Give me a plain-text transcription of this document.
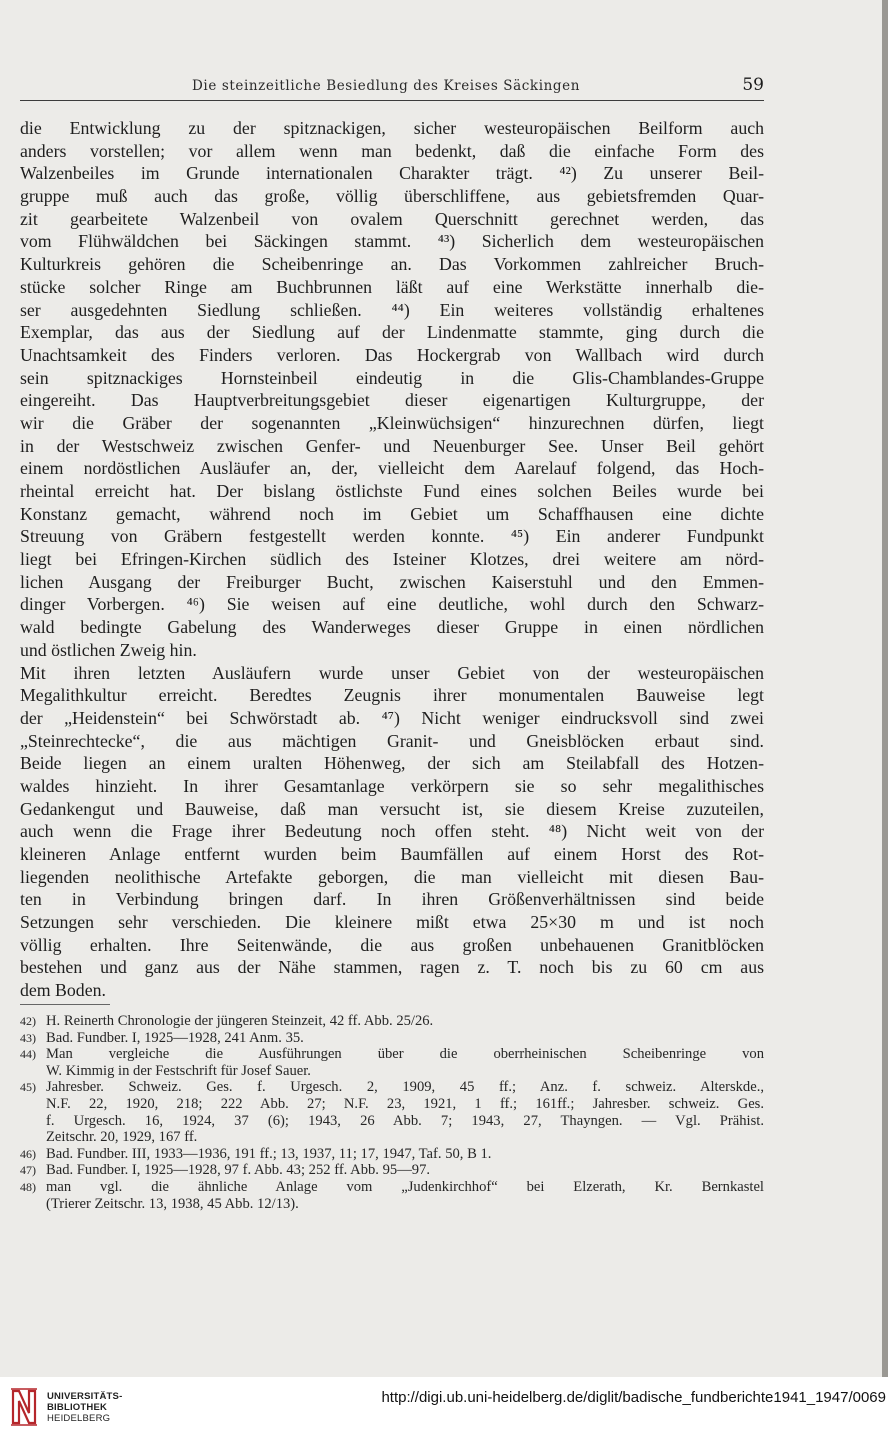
Die steinzeitliche Besiedlung des Kreises Säckingen	59
die Entwicklung zu der spitznackigen, sicher westeuropäischen Beilform auch
anders vorstellen; vor allem wenn man bedenkt, daß die einfache Form des
Walzenbeiles im Grunde internationalen Charakter trägt. ⁴²) Zu unserer Beil-
gruppe muß auch das große, völlig überschliffene, aus gebietsfremden Quar-
zit gearbeitete Walzenbeil von ovalem Querschnitt gerechnet werden, das
vom Flühwäldchen bei Säckingen stammt. ⁴³) Sicherlich dem westeuropäischen
Kulturkreis gehören die Scheibenringe an. Das Vorkommen zahlreicher Bruch-
stücke solcher Ringe am Buchbrunnen läßt auf eine Werkstätte innerhalb die-
ser ausgedehnten Siedlung schließen. ⁴⁴) Ein weiteres vollständig erhaltenes
Exemplar, das aus der Siedlung auf der Lindenmatte stammte, ging durch die
Unachtsamkeit des Finders verloren. Das Hockergrab von Wallbach wird durch
sein spitznackiges Hornsteinbeil eindeutig in die Glis-Chamblandes-Gruppe
eingereiht. Das Hauptverbreitungsgebiet dieser eigenartigen Kulturgruppe, der
wir die Gräber der sogenannten „Kleinwüchsigen“ hinzurechnen dürfen, liegt
in der Westschweiz zwischen Genfer- und Neuenburger See. Unser Beil gehört
einem nordöstlichen Ausläufer an, der, vielleicht dem Aarelauf folgend, das Hoch-
rheintal erreicht hat. Der bislang östlichste Fund eines solchen Beiles wurde bei
Konstanz gemacht, während noch im Gebiet um Schaffhausen eine dichte
Streuung von Gräbern festgestellt werden konnte. ⁴⁵) Ein anderer Fundpunkt
liegt bei Efringen-Kirchen südlich des Isteiner Klotzes, drei weitere am nörd-
lichen Ausgang der Freiburger Bucht, zwischen Kaiserstuhl und den Emmen-
dinger Vorbergen. ⁴⁶) Sie weisen auf eine deutliche, wohl durch den Schwarz-
wald bedingte Gabelung des Wanderweges dieser Gruppe in einen nördlichen
und östlichen Zweig hin.
Mit ihren letzten Ausläufern wurde unser Gebiet von der westeuropäischen
Megalithkultur erreicht. Beredtes Zeugnis ihrer monumentalen Bauweise legt
der „Heidenstein“ bei Schwörstadt ab. ⁴⁷) Nicht weniger eindrucksvoll sind zwei
„Steinrechtecke“, die aus mächtigen Granit- und Gneisblöcken erbaut sind.
Beide liegen an einem uralten Höhenweg, der sich am Steilabfall des Hotzen-
waldes hinzieht. In ihrer Gesamtanlage verkörpern sie so sehr megalithisches
Gedankengut und Bauweise, daß man versucht ist, sie diesem Kreise zuzuteilen,
auch wenn die Frage ihrer Bedeutung noch offen steht. ⁴⁸) Nicht weit von der
kleineren Anlage entfernt wurden beim Baumfällen auf einem Horst des Rot-
liegenden neolithische Artefakte geborgen, die man vielleicht mit diesen Bau-
ten in Verbindung bringen darf. In ihren Größenverhältnissen sind beide
Setzungen sehr verschieden. Die kleinere mißt etwa 25×30 m und ist noch
völlig erhalten. Ihre Seitenwände, die aus großen unbehauenen Granitblöcken
bestehen und ganz aus der Nähe stammen, ragen z. T. noch bis zu 60 cm aus
dem Boden.
42) H. Reinerth Chronologie der jüngeren Steinzeit, 42 ff. Abb. 25/26.
43) Bad. Fundber. I, 1925—1928, 241 Anm. 35.
44) Man vergleiche die Ausführungen über die oberrheinischen Scheibenringe von
W. Kimmig in der Festschrift für Josef Sauer.
45) Jahresber. Schweiz. Ges. f. Urgesch. 2, 1909, 45 ff.; Anz. f. schweiz. Alterskde.,
N.F. 22, 1920, 218; 222 Abb. 27; N.F. 23, 1921, 1 ff.; 161ff.; Jahresber. schweiz. Ges.
f. Urgesch. 16, 1924, 37 (6); 1943, 26 Abb. 7; 1943, 27, Thayngen. — Vgl. Prähist.
Zeitschr. 20, 1929, 167 ff.
46) Bad. Fundber. III, 1933—1936, 191 ff.; 13, 1937, 11; 17, 1947, Taf. 50, B 1.
47) Bad. Fundber. I, 1925—1928, 97 f. Abb. 43; 252 ff. Abb. 95—97.
48) man vgl. die ähnliche Anlage vom „Judenkirchhof“ bei Elzerath, Kr. Bernkastel
(Trierer Zeitschr. 13, 1938, 45 Abb. 12/13).
UNIVERSITÄTS-
BIBLIOTHEK
HEIDELBERG
http://digi.ub.uni-heidelberg.de/diglit/badische_fundberichte1941_1947/0069
